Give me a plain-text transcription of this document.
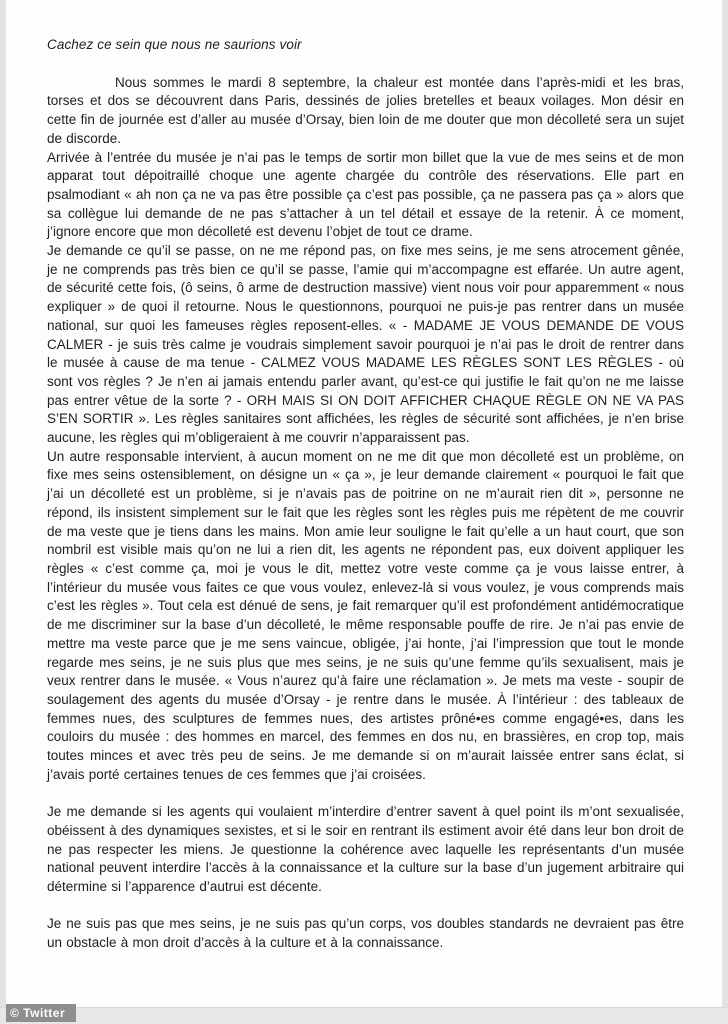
Cachez ce sein que nous ne saurions voir

Nous sommes le mardi 8 septembre, la chaleur est montée dans l’après-midi et les bras, torses et dos se découvrent dans Paris, dessinés de jolies bretelles et beaux voilages. Mon désir en cette fin de journée est d’aller au musée d’Orsay, bien loin de me douter que mon décolleté sera un sujet de discorde.

Arrivée à l’entrée du musée je n’ai pas le temps de sortir mon billet que la vue de mes seins et de mon apparat tout dépoitraillé choque une agente chargée du contrôle des réservations. Elle part en psalmodiant « ah non ça ne va pas être possible ça c’est pas possible, ça ne passera pas ça » alors que sa collègue lui demande de ne pas s’attacher à un tel détail et essaye de la retenir. À ce moment, j’ignore encore que mon décolleté est devenu l’objet de tout ce drame.

Je demande ce qu’il se passe, on ne me répond pas, on fixe mes seins, je me sens atrocement gênée, je ne comprends pas très bien ce qu’il se passe, l’amie qui m’accompagne est effarée. Un autre agent, de sécurité cette fois, (ô seins, ô arme de destruction massive) vient nous voir pour apparemment « nous expliquer » de quoi il retourne. Nous le questionnons, pourquoi ne puis-je pas rentrer dans un musée national, sur quoi les fameuses règles reposent-elles. « - MADAME JE VOUS DEMANDE DE VOUS CALMER - je suis très calme je voudrais simplement savoir pourquoi je n’ai pas le droit de rentrer dans le musée à cause de ma tenue - CALMEZ VOUS MADAME LES RÈGLES SONT LES RÈGLES - où sont vos règles ? Je n’en ai jamais entendu parler avant, qu’est-ce qui justifie le fait qu’on ne me laisse pas entrer vêtue de la sorte ? - ORH MAIS SI ON DOIT AFFICHER CHAQUE RÈGLE ON NE VA PAS S’EN SORTIR ». Les règles sanitaires sont affichées, les règles de sécurité sont affichées, je n’en brise aucune, les règles qui m’obligeraient à me couvrir n’apparaissent pas.

Un autre responsable intervient, à aucun moment on ne me dit que mon décolleté est un problème, on fixe mes seins ostensiblement, on désigne un « ça », je leur demande clairement « pourquoi le fait que j’ai un décolleté est un problème, si je n’avais pas de poitrine on ne m’aurait rien dit », personne ne répond, ils insistent simplement sur le fait que les règles sont les règles puis me répètent de me couvrir de ma veste que je tiens dans les mains. Mon amie leur souligne le fait qu’elle a un haut court, que son nombril est visible mais qu’on ne lui a rien dit, les agents ne répondent pas, eux doivent appliquer les règles « c’est comme ça, moi je vous le dit, mettez votre veste comme ça je vous laisse entrer, à l’intérieur du musée vous faites ce que vous voulez, enlevez-là si vous voulez, je vous comprends mais c’est les règles ». Tout cela est dénué de sens, je fait remarquer qu’il est profondément antidémocratique de me discriminer sur la base d’un décolleté, le même responsable pouffe de rire. Je n’ai pas envie de mettre ma veste parce que je me sens vaincue, obligée, j’ai honte, j’ai l’impression que tout le monde regarde mes seins, je ne suis plus que mes seins, je ne suis qu’une femme qu’ils sexualisent, mais je veux rentrer dans le musée. « Vous n’aurez qu’à faire une réclamation ». Je mets ma veste - soupir de soulagement des agents du musée d’Orsay - je rentre dans le musée. À l’intérieur : des tableaux de femmes nues, des sculptures de femmes nues, des artistes prôné•es comme engagé•es, dans les couloirs du musée : des hommes en marcel, des femmes en dos nu, en brassières, en crop top, mais toutes minces et avec très peu de seins. Je me demande si on m’aurait laissée entrer sans éclat, si j’avais porté certaines tenues de ces femmes que j’ai croisées.

Je me demande si les agents qui voulaient m’interdire d’entrer savent à quel point ils m’ont sexualisée, obéissent à des dynamiques sexistes, et si le soir en rentrant ils estiment avoir été dans leur bon droit de ne pas respecter les miens. Je questionne la cohérence avec laquelle les représentants d’un musée national peuvent interdire l’accès à la connaissance et la culture sur la base d’un jugement arbitraire qui détermine si l’apparence d’autrui est décente.

Je ne suis pas que mes seins, je ne suis pas qu’un corps, vos doubles standards ne devraient pas être un obstacle à mon droit d’accès à la culture et à la connaissance.

© Twitter
